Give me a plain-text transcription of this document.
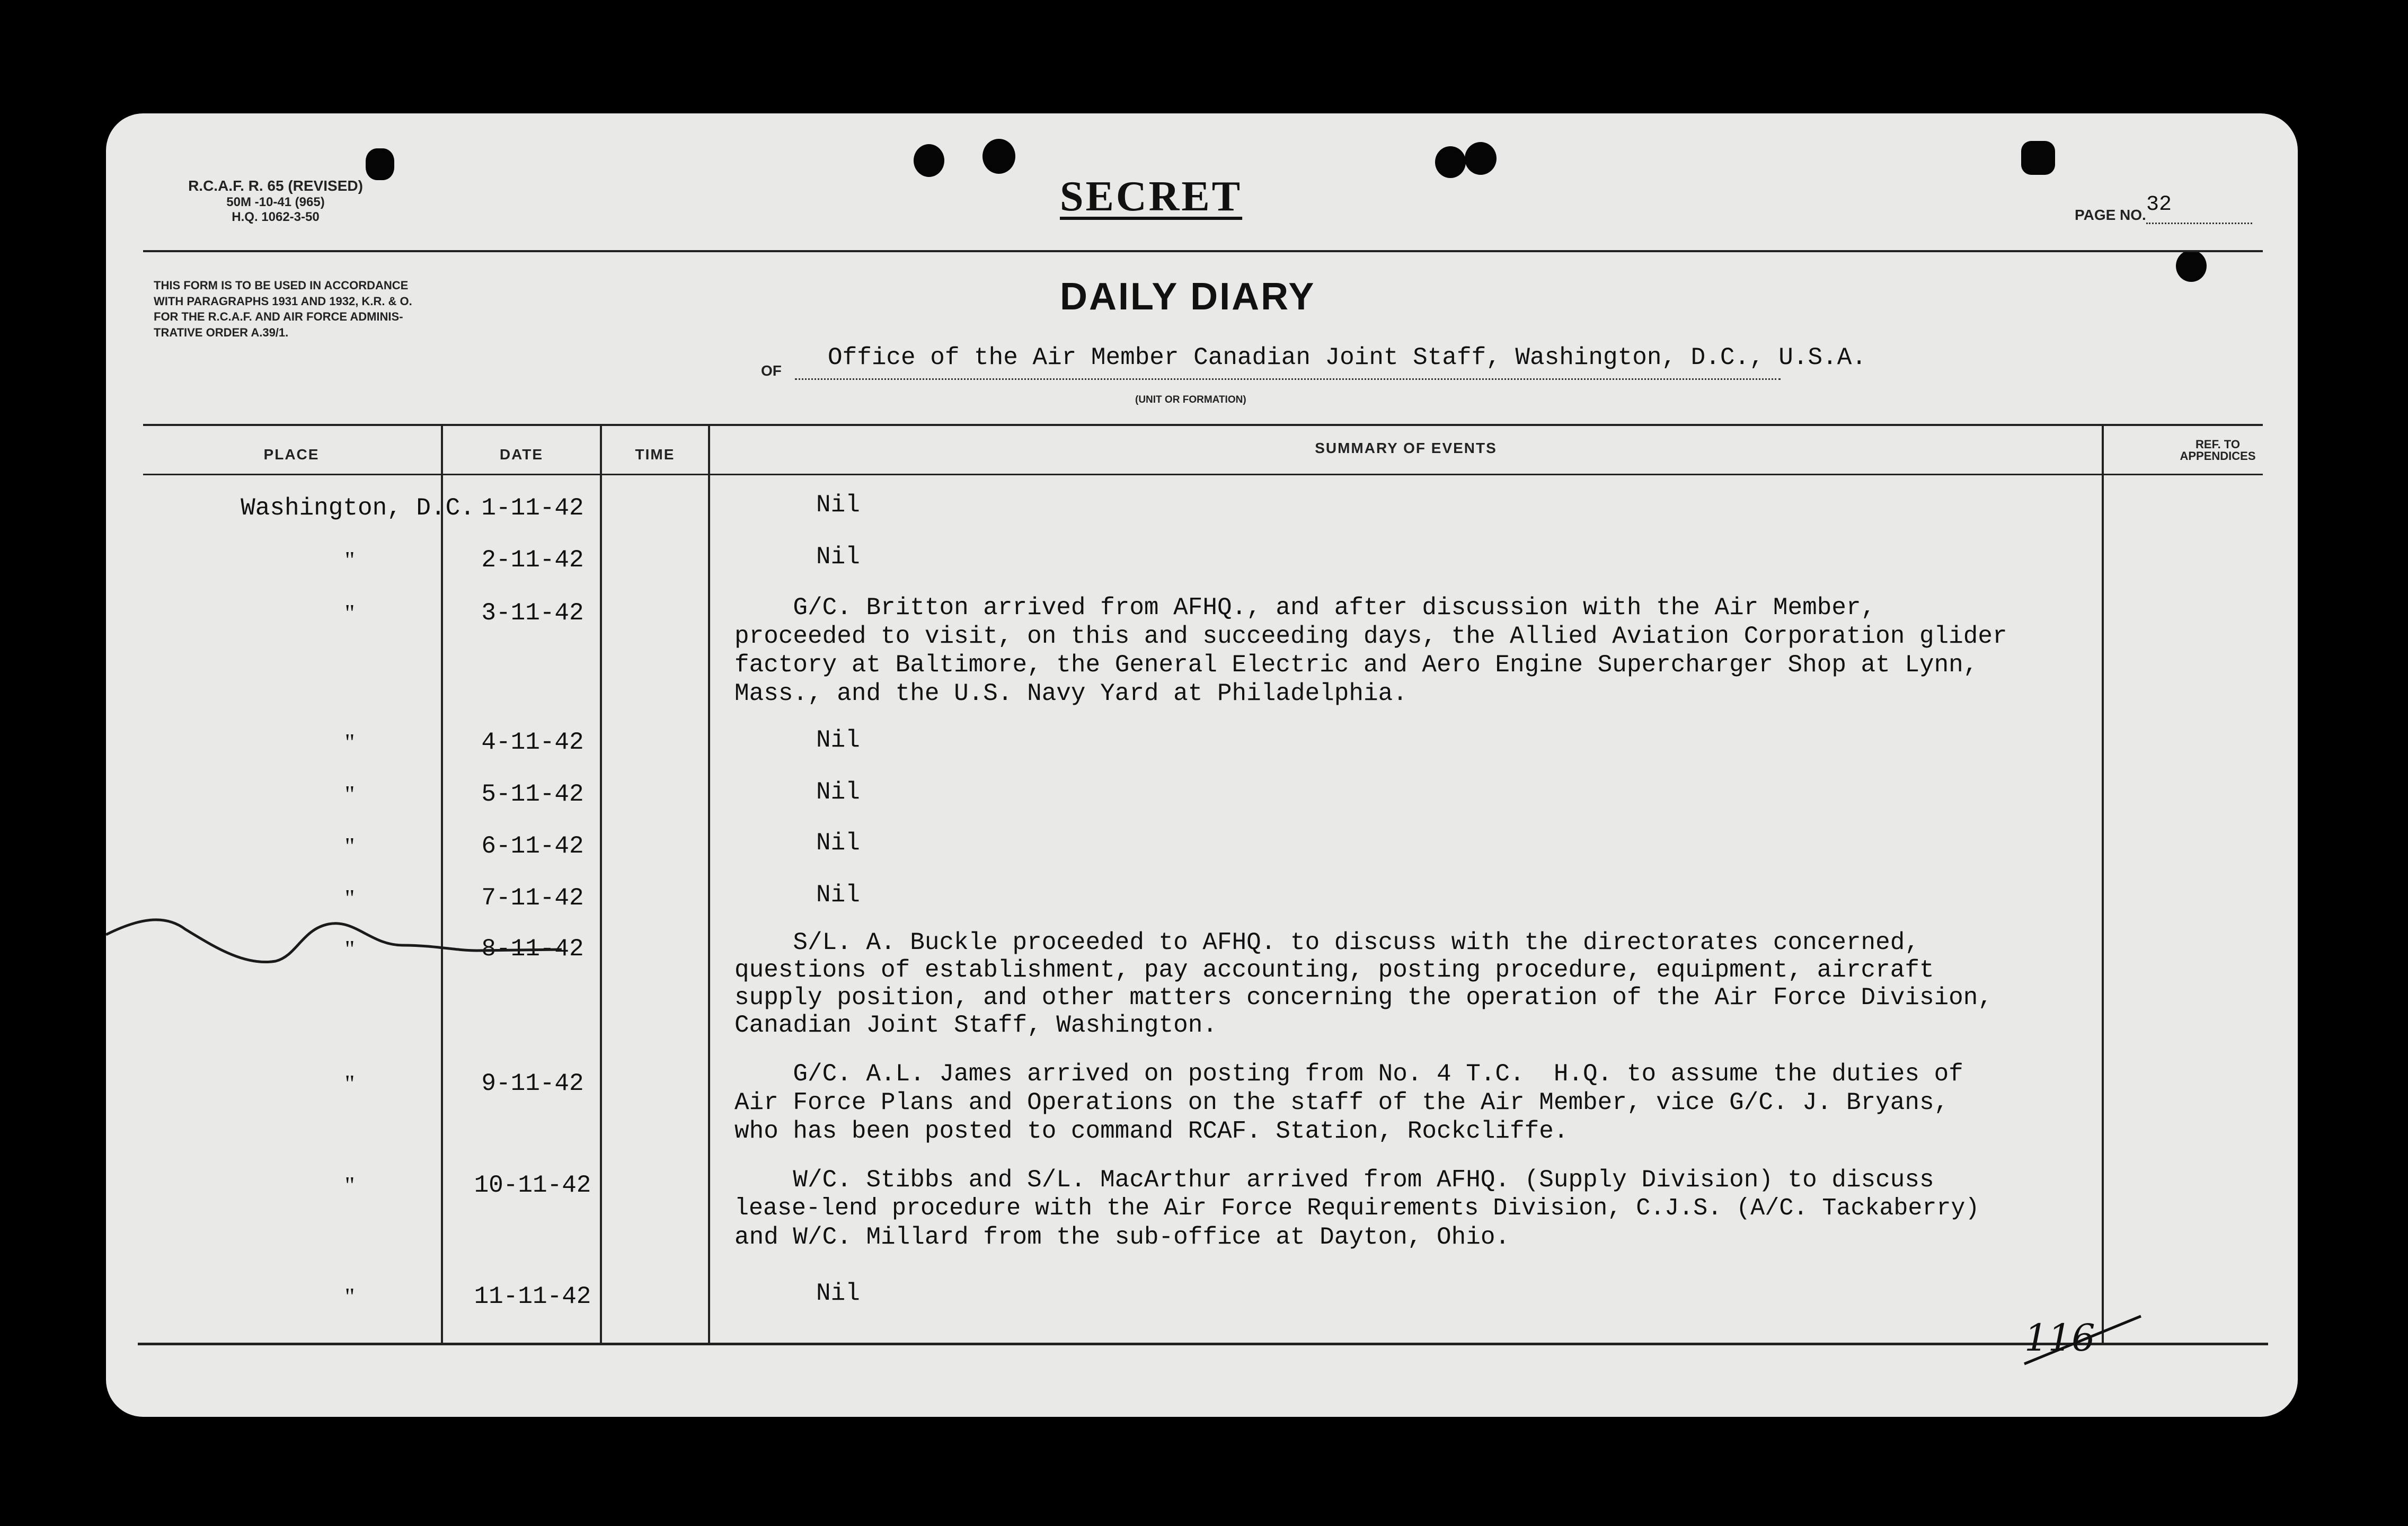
R.C.A.F. R. 65 (REVISED)
50M -10-41 (965)
H.Q. 1062-3-50	SECRET	PAGE NO. 32
THIS FORM IS TO BE USED IN ACCORDANCE
WITH PARAGRAPHS 1931 AND 1932, K.R. & O.
FOR THE R.C.A.F. AND AIR FORCE ADMINIS-
TRATIVE ORDER A.39/1.
DAILY DIARY
OF Office of the Air Member Canadian Joint Staff, Washington, D.C., U.S.A.
(UNIT OR FORMATION)
PLACE	DATE	TIME	SUMMARY OF EVENTS	REF. TO
APPENDICES
Washington, D.C. 1-11-42	Nil
"	2-11-42	Nil
"	3-11-42	G/C. Britton arrived from AFHQ., and after discussion with the Air Member,
proceeded to visit, on this and succeeding days, the Allied Aviation Corporation glider
factory at Baltimore, the General Electric and Aero Engine Supercharger Shop at Lynn,
Mass., and the U.S. Navy Yard at Philadelphia.
"	4-11-42	Nil
"	5-11-42	Nil
"	6-11-42	Nil
"	7-11-42	Nil
"	8-11-42	S/L. A. Buckle proceeded to AFHQ. to discuss with the directorates concerned,
questions of establishment, pay accounting, posting procedure, equipment, aircraft
supply position, and other matters concerning the operation of the Air Force Division,
Canadian Joint Staff, Washington.
"	9-11-42	G/C. A.L. James arrived on posting from No. 4 T.C.  H.Q. to assume the duties of
Air Force Plans and Operations on the staff of the Air Member, vice G/C. J. Bryans,
who has been posted to command RCAF. Station, Rockcliffe.
"	10-11-42	W/C. Stibbs and S/L. MacArthur arrived from AFHQ. (Supply Division) to discuss
lease-lend procedure with the Air Force Requirements Division, C.J.S. (A/C. Tackaberry)
and W/C. Millard from the sub-office at Dayton, Ohio.
"	11-11-42	Nil
116
